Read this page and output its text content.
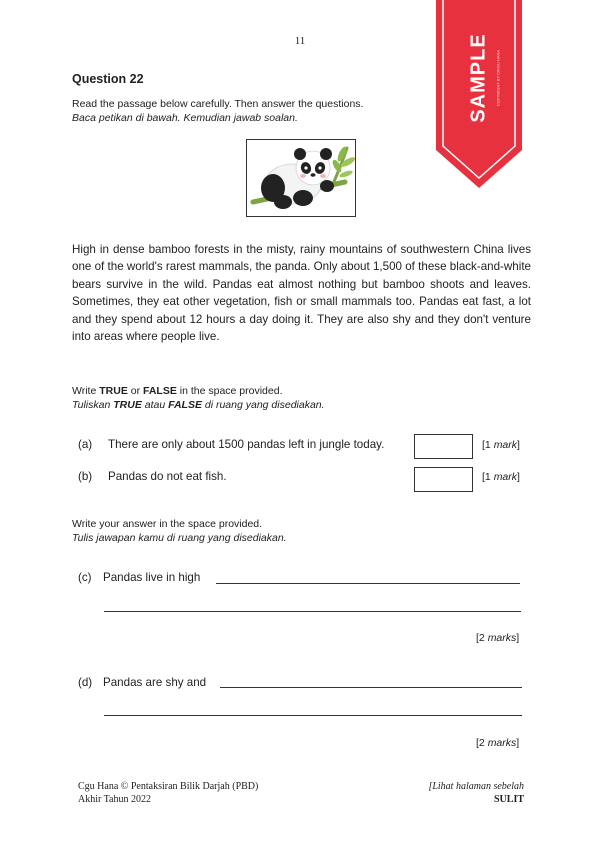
11
Question 22
Read the passage below carefully. Then answer the questions.
Baca petikan di bawah. Kemudian jawab soalan.
High in dense bamboo forests in the misty, rainy mountains of southwestern China lives one of the world's rarest mammals, the panda. Only about 1,500 of these black-and-white bears survive in the wild. Pandas eat almost nothing but bamboo shoots and leaves. Sometimes, they eat other vegetation, fish or small mammals too. Pandas eat fast, a lot and they spend about 12 hours a day doing it. They are also shy and they don't venture into areas where people live.
Write TRUE or FALSE in the space provided.
Tuliskan TRUE atau FALSE di ruang yang disediakan.
(a) There are only about 1500 pandas left in jungle today.	[1 mark]
(b) Pandas do not eat fish.	[1 mark]
Write your answer in the space provided.
Tulis jawapan kamu di ruang yang disediakan.
(c) Pandas live in high
[2 marks]
(d) Pandas are shy and
[2 marks]
Cgu Hana © Pentaksiran Bilik Darjah (PBD)
Akhir Tahun 2022
[Lihat halaman sebelah
SULIT
SAMPLE COPYRIGHT BY CIKGU HANA
